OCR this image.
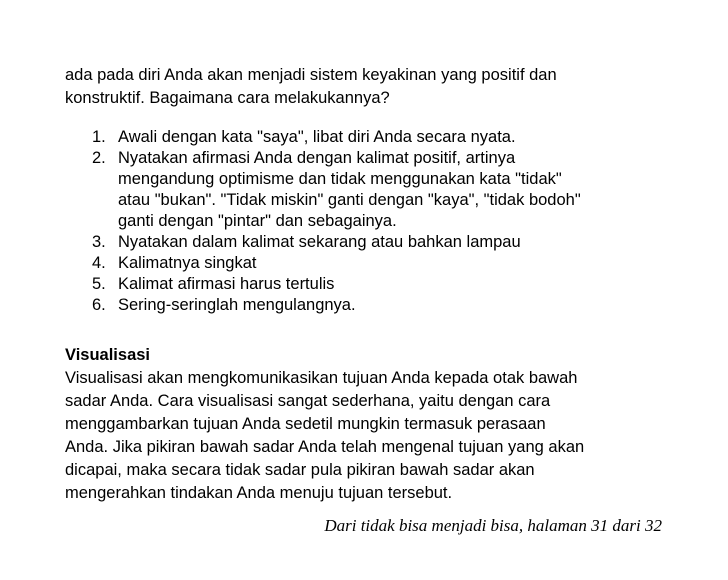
ada pada diri Anda akan menjadi sistem keyakinan yang positif dan

konstruktif. Bagaimana cara melakukannya?

1. Awali dengan kata "saya", libat diri Anda secara nyata.
2. Nyatakan afirmasi Anda dengan kalimat positif, artinya
mengandung optimisme dan tidak menggunakan kata "tidak"
atau "bukan". "Tidak miskin" ganti dengan "kaya", "tidak bodoh"
ganti dengan "pintar" dan sebagainya.
3. Nyatakan dalam kalimat sekarang atau bahkan lampau
4. Kalimatnya singkat
5. Kalimat afirmasi harus tertulis
6. Sering-seringlah mengulangnya.

Visualisasi

Visualisasi akan mengkomunikasikan tujuan Anda kepada otak bawah
sadar Anda. Cara visualisasi sangat sederhana, yaitu dengan cara
menggambarkan tujuan Anda sedetil mungkin termasuk perasaan
Anda. Jika pikiran bawah sadar Anda telah mengenal tujuan yang akan
dicapai, maka secara tidak sadar pula pikiran bawah sadar akan
mengerahkan tindakan Anda menuju tujuan tersebut.

Dari tidak bisa menjadi bisa, halaman 31 dari 32
